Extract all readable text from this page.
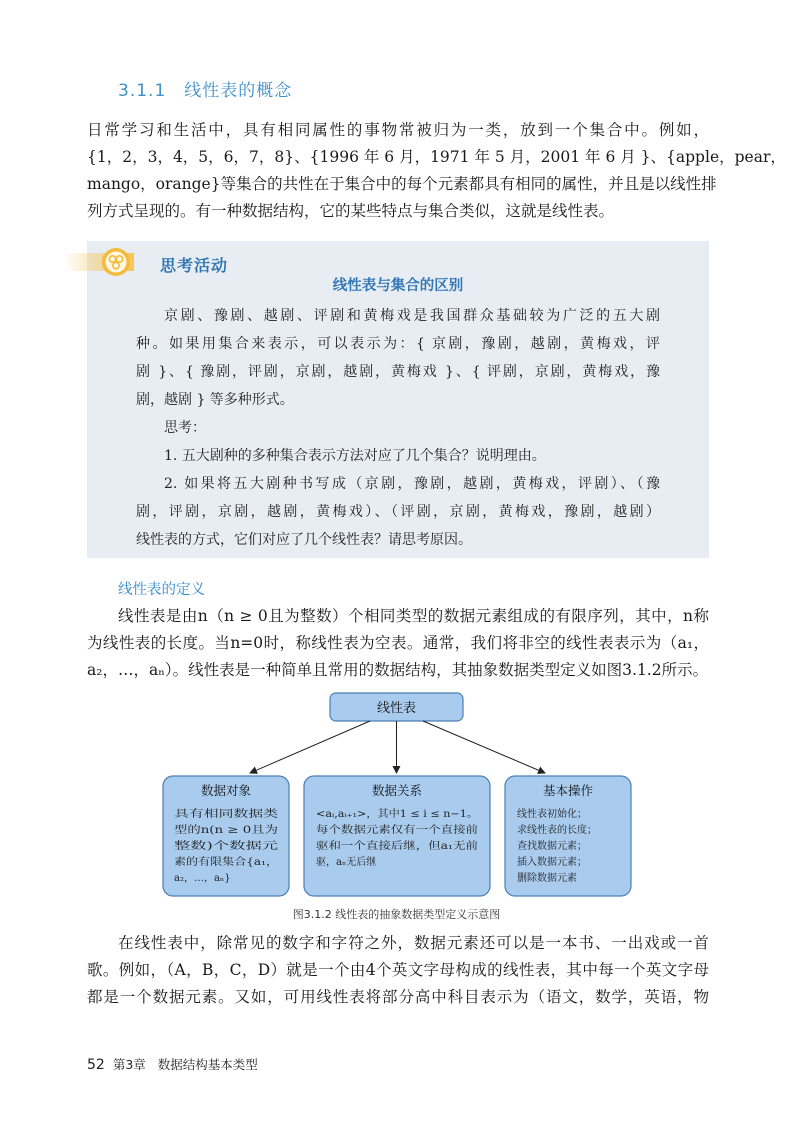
3.1.1 线性表的概念
日常学习和生活中，具有相同属性的事物常被归为一类，放到一个集合中。例如，
{1，2，3，4，5，6，7，8}、{1996 年 6 月，1971 年 5 月，2001 年 6 月 }、{apple，pear，
mango，orange}等集合的共性在于集合中的每个元素都具有相同的属性，并且是以线性排
列方式呈现的。有一种数据结构，它的某些特点与集合类似，这就是线性表。
思考活动
线性表与集合的区别
京剧、豫剧、越剧、评剧和黄梅戏是我国群众基础较为广泛的五大剧
种。如果用集合来表示，可以表示为：{ 京剧，豫剧，越剧，黄梅戏，评
剧 }、{ 豫剧，评剧，京剧，越剧，黄梅戏 }、{ 评剧，京剧，黄梅戏，豫
剧，越剧 } 等多种形式。
思考：
1. 五大剧种的多种集合表示方法对应了几个集合？说明理由。
2. 如果将五大剧种书写成（京剧，豫剧，越剧，黄梅戏，评剧）、（豫
剧，评剧，京剧，越剧，黄梅戏）、（评剧，京剧，黄梅戏，豫剧，越剧）
线性表的方式，它们对应了几个线性表？请思考原因。
线性表的定义
线性表是由n（n ≥ 0且为整数）个相同类型的数据元素组成的有限序列，其中，n称
为线性表的长度。当n=0时，称线性表为空表。通常，我们将非空的线性表表示为（a₁，
a₂，…，aₙ）。线性表是一种简单且常用的数据结构，其抽象数据类型定义如图3.1.2所示。
线性表
数据对象
具有相同数据类
型的n(n ≥ 0且为
整数)个数据元
素的有限集合{a₁，
a₂，…，aₙ}
数据关系
<aᵢ,aᵢ₊₁>，其中1 ≤ i ≤ n−1。
每个数据元素仅有一个直接前
驱和一个直接后继，但a₁无前
驱，aₙ无后继
基本操作
线性表初始化；
求线性表的长度；
查找数据元素；
插入数据元素；
删除数据元素
图3.1.2 线性表的抽象数据类型定义示意图
在线性表中，除常见的数字和字符之外，数据元素还可以是一本书、一出戏或一首
歌。例如，（A，B，C，D）就是一个由4个英文字母构成的线性表，其中每一个英文字母
都是一个数据元素。又如，可用线性表将部分高中科目表示为（语文，数学，英语，物
52 第3章 数据结构基本类型
